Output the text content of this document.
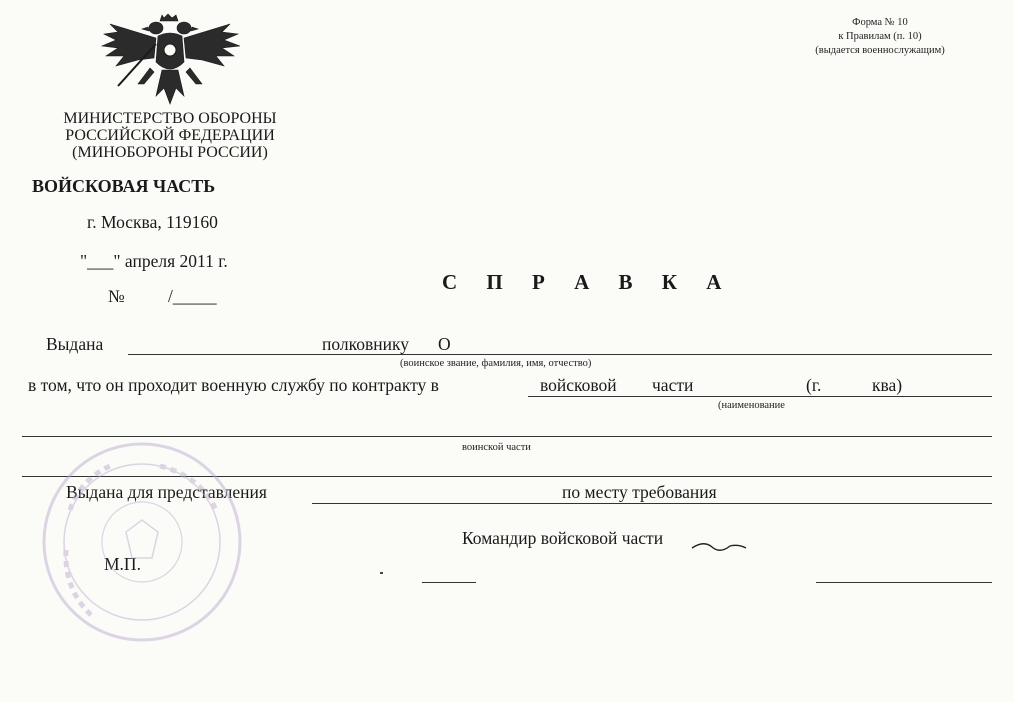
МИНИСТЕРСТВО ОБОРОНЫ
РОССИЙСКОЙ ФЕДЕРАЦИИ
(МИНОБОРОНЫ РОССИИ)
ВОЙСКОВАЯ ЧАСТЬ
г. Москва, 119160
"___" апреля 2011 г.
№ /_____
Форма № 10
к Правилам (п. 10)
(выдается военнослужащим)
С П Р А В К А
Выдана	полковнику О
(воинское звание, фамилия, имя, отчество)
в том, что он проходит военную службу по контракту в	войсковой части	(г.	ква)
(наименование
воинской части
Выдана для представления	по месту требования
Командир войсковой части
М.П.
